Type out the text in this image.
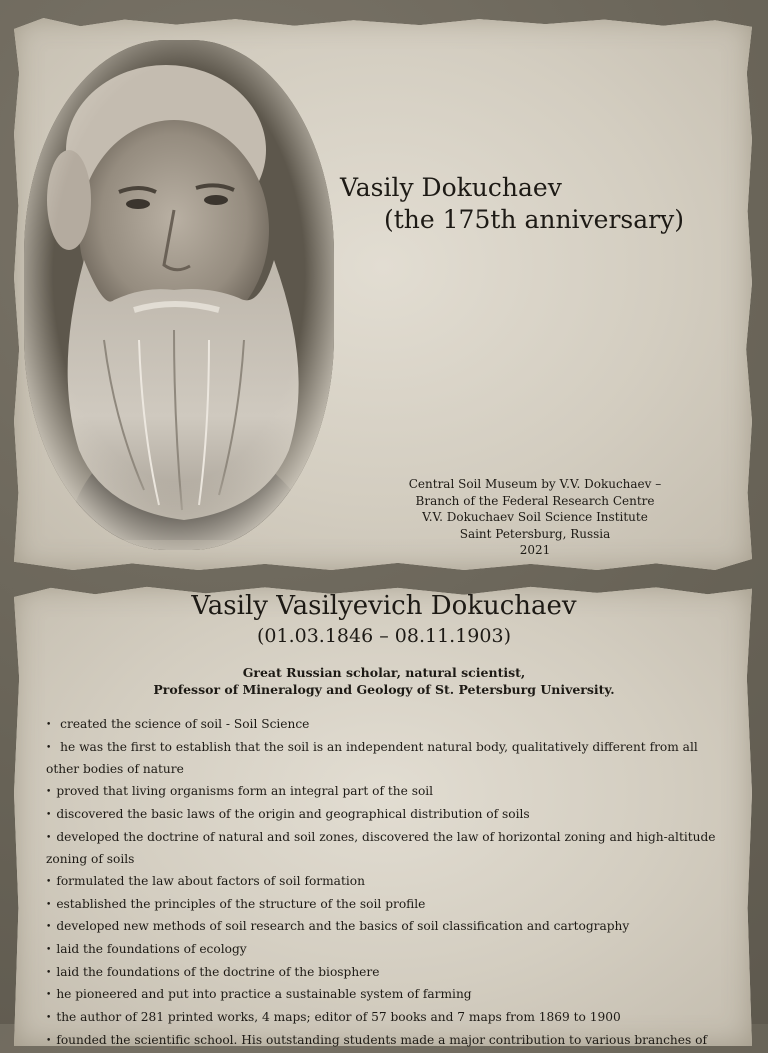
Vasily Dokuchaev

(the 175th anniversary)

Central Soil Museum by V.V. Dokuchaev –
Branch of the Federal Research Centre
V.V. Dokuchaev Soil Science Institute
Saint Petersburg, Russia
2021
Vasily Vasilyevich Dokuchaev
(01.03.1846 – 08.11.1903)
Great Russian scholar, natural scientist,
Professor of Mineralogy and Geology of St. Petersburg University.
• created the science of soil - Soil Science
• he was the first to establish that the soil is an independent natural body, qualitatively different from all other bodies of nature
• proved that living organisms form an integral part of the soil
• discovered the basic laws of the origin and geographical distribution of soils
• developed the doctrine of natural and soil zones, discovered the law of horizontal zoning and high-altitude zoning of soils
• formulated the law about factors of soil formation
• established the principles of the structure of the soil profile
• developed new methods of soil research and the basics of soil classification and cartography
• laid the foundations of ecology
• laid the foundations of the doctrine of the biosphere
• he pioneered and put into practice a sustainable system of farming
• the author of 281 printed works, 4 maps; editor of 57 books and 7 maps from 1869 to 1900
• founded the scientific school. His outstanding students made a major contribution to various branches of
